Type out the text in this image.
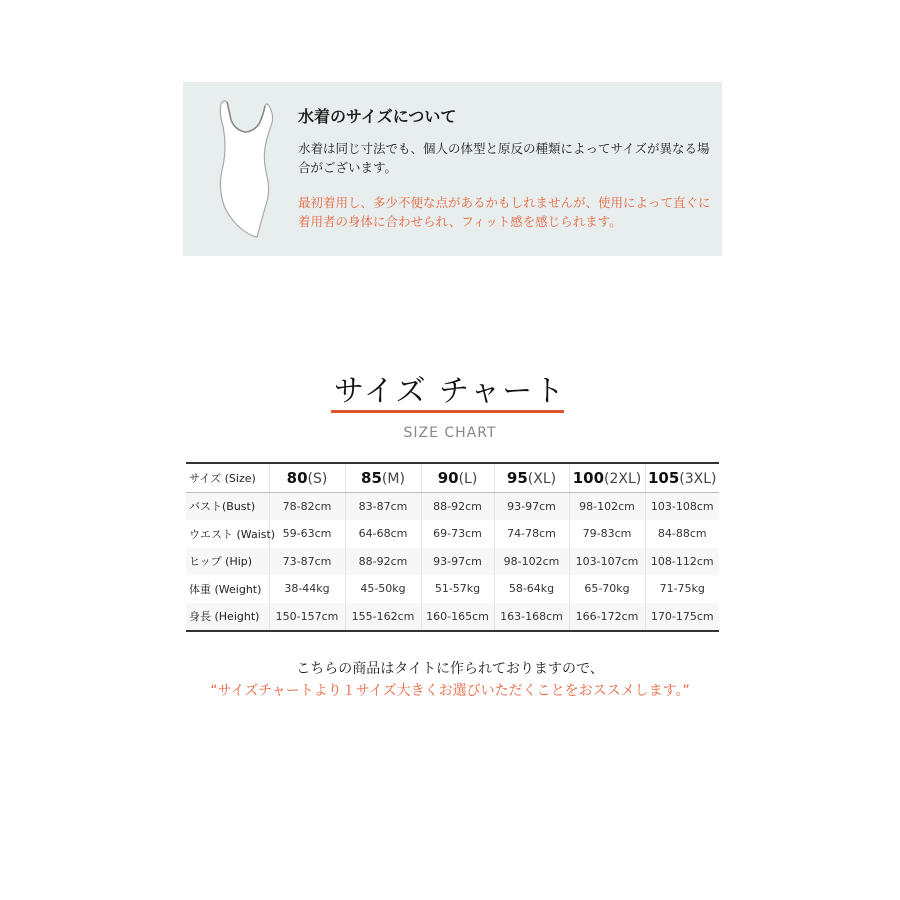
水着のサイズについて
水着は同じ寸法でも、個人の体型と原反の種類によってサイズが異なる場合がございます。
最初着用し、多少不便な点があるかもしれませんが、使用によって直ぐに着用者の身体に合わせられ、フィット感を感じられます。
サイズ チャート
SIZE CHART
サイズ (Size)	80(S)	85(M)	90(L)	95(XL)	100(2XL)	105(3XL)
バスト(Bust)	78-82cm	83-87cm	88-92cm	93-97cm	98-102cm	103-108cm
ウエスト (Waist)	59-63cm	64-68cm	69-73cm	74-78cm	79-83cm	84-88cm
ヒップ (Hip)	73-87cm	88-92cm	93-97cm	98-102cm	103-107cm	108-112cm
体重 (Weight)	38-44kg	45-50kg	51-57kg	58-64kg	65-70kg	71-75kg
身長 (Height)	150-157cm	155-162cm	160-165cm	163-168cm	166-172cm	170-175cm
こちらの商品はタイトに作られておりますので、
“サイズチャートより１サイズ大きくお選びいただくことをおススメします。”
